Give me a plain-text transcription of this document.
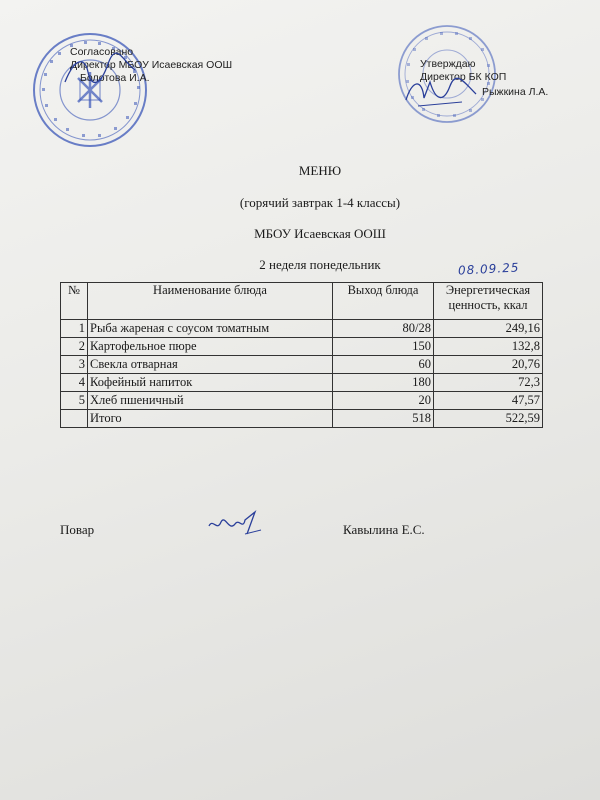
Согласовано
Директор МБОУ Исаевская ООШ

Болотова И.А.
Утверждаю
Директор БК КОП

Рыжкина Л.А.
МЕНЮ
(горячий завтрак 1-4 классы)
МБОУ Исаевская ООШ
2 неделя понедельник	08.09.25
№	Наименование блюда	Выход блюда	Энергетическая ценность, ккал
1	Рыба жареная с соусом томатным	80/28	249,16
2	Картофельное пюре	150	132,8
3	Свекла отварная	60	20,76
4	Кофейный напиток	180	72,3
5	Хлеб пшеничный	20	47,57
	Итого	518	522,59
Повар	Кавылина Е.С.
